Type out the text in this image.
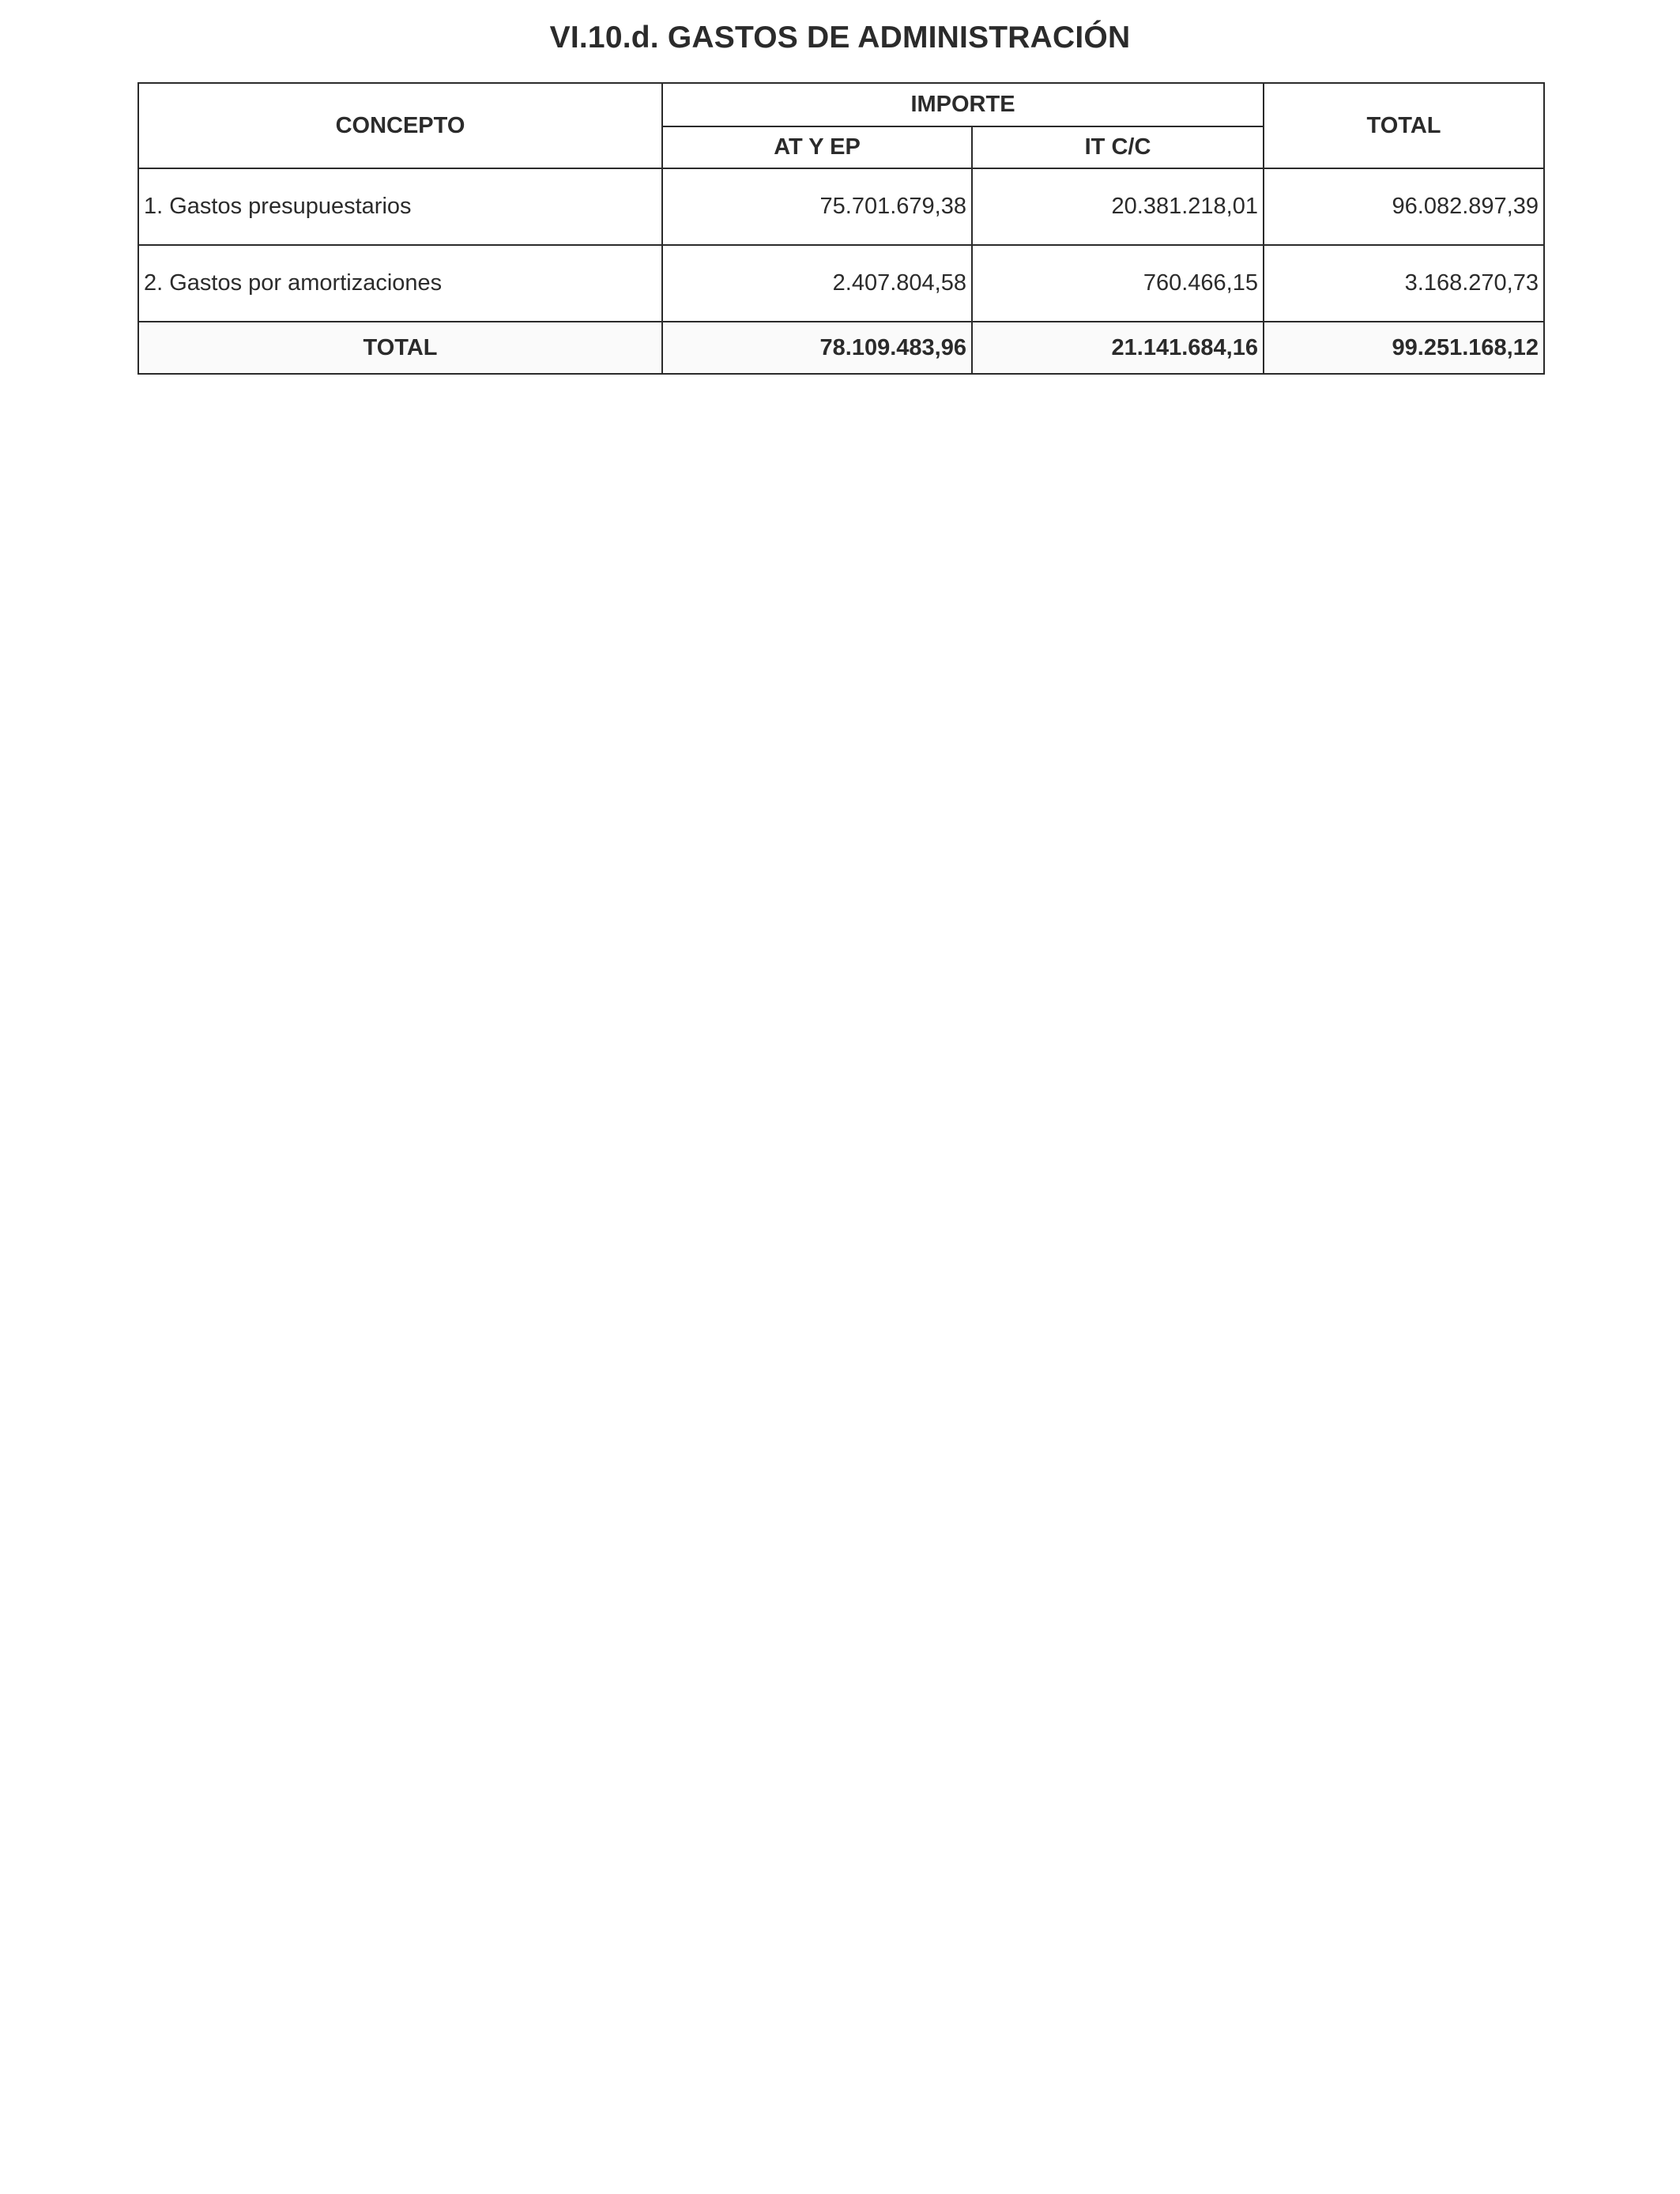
VI.10.d. GASTOS DE ADMINISTRACIÓN
CONCEPTO	IMPORTE		TOTAL
	AT Y EP	IT C/C	
1. Gastos presupuestarios	75.701.679,38	20.381.218,01	96.082.897,39
2. Gastos por amortizaciones	2.407.804,58	760.466,15	3.168.270,73
TOTAL	78.109.483,96	21.141.684,16	99.251.168,12
